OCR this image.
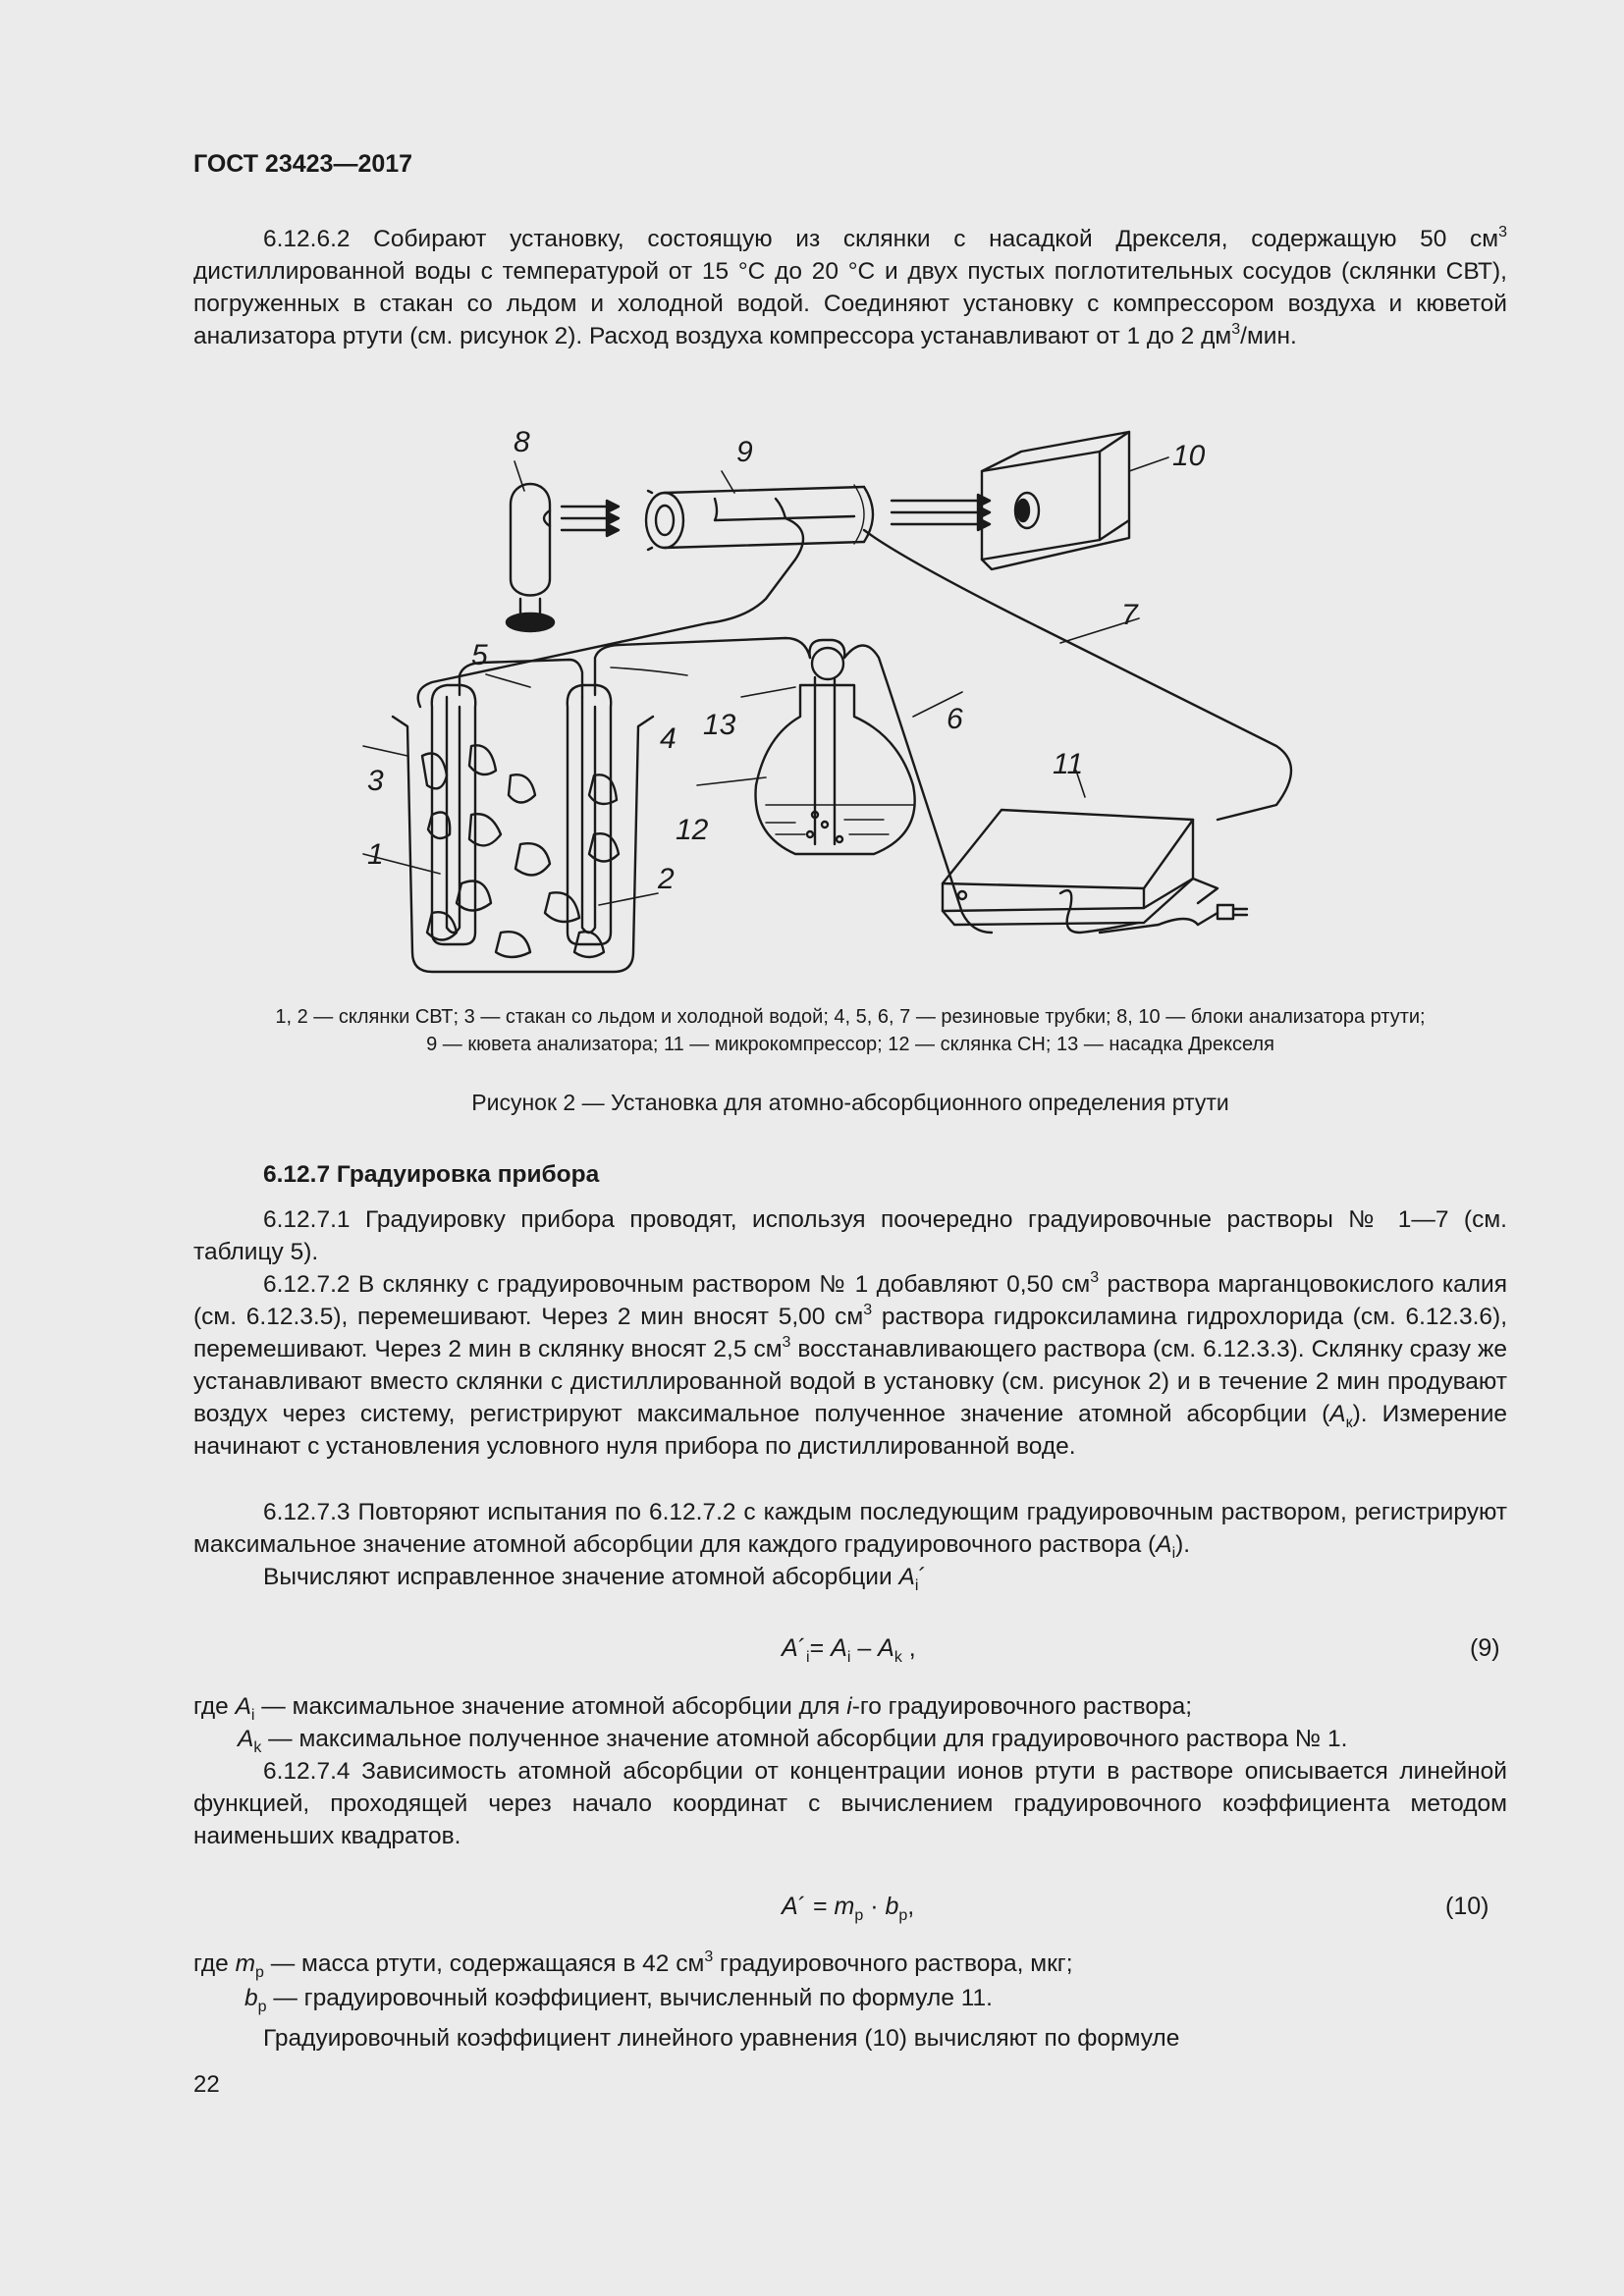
ГОСТ 23423—2017
6.12.6.2 Собирают установку, состоящую из склянки с насадкой Дрекселя, содержащую 50 $см^3$ дистиллированной воды с температурой от 15 °С до 20 °С и двух пустых поглотительных сосудов (склянки СВТ), погруженных в стакан со льдом и холодной водой. Соединяют установку с компрессором воздуха и кюветой анализатора ртути (см. рисунок 2). Расход воздуха компрессора устанавливают от 1 до 2 $дм^3$/мин.
8	9	10
7
5
4 13	6
11
3
1
12
2
1, 2 — склянки СВТ; 3 — стакан со льдом и холодной водой; 4, 5, 6, 7 — резиновые трубки; 8, 10 — блоки анализатора ртути;
9 — кювета анализатора; 11 — микрокомпрессор; 12 — склянка СН; 13 — насадка Дрекселя
Рисунок 2 — Установка для атомно-абсорбционного определения ртути
6.12.7 Градуировка прибора
6.12.7.1 Градуировку прибора проводят, используя поочередно градуировочные растворы № 1—7 (см. таблицу 5).
6.12.7.2 В склянку с градуировочным раствором № 1 добавляют 0,50 $см^3$ раствора марганцовокислого калия (см. 6.12.3.5), перемешивают. Через 2 мин вносят 5,00 $см^3$ раствора гидроксиламина гидрохлорида (см. 6.12.3.6), перемешивают. Через 2 мин в склянку вносят 2,5 $см^3$ восстанавливающего раствора (см. 6.12.3.3). Склянку сразу же устанавливают вместо склянки с дистиллированной водой в установку (см. рисунок 2) и в течение 2 мин продувают воздух через систему, регистрируют максимальное полученное значение атомной абсорбции $(A_к)$. Измерение начинают с установления условного нуля прибора по дистиллированной воде.
6.12.7.3 Повторяют испытания по 6.12.7.2 с каждым последующим градуировочным раствором, регистрируют максимальное значение атомной абсорбции для каждого градуировочного раствора $(A_i)$.
Вычисляют исправленное значение атомной абсорбции $A_i´$
$A´_i= A_i - A_k$ ,	(9)
где $A_i$ — максимальное значение атомной абсорбции для i-го градуировочного раствора;
$A_k$ — максимальное полученное значение атомной абсорбции для градуировочного раствора № 1.
6.12.7.4 Зависимость атомной абсорбции от концентрации ионов ртути в растворе описывается линейной функцией, проходящей через начало координат с вычислением градуировочного коэффициента методом наименьших квадратов.
A´ = $m_р \cdot b_р$,	(10)
где $m_р$ — масса ртути, содержащаяся в 42 $см^3$ градуировочного раствора, мкг;
$b_р$ — градуировочный коэффициент, вычисленный по формуле 11.
Градуировочный коэффициент линейного уравнения (10) вычисляют по формуле
22
